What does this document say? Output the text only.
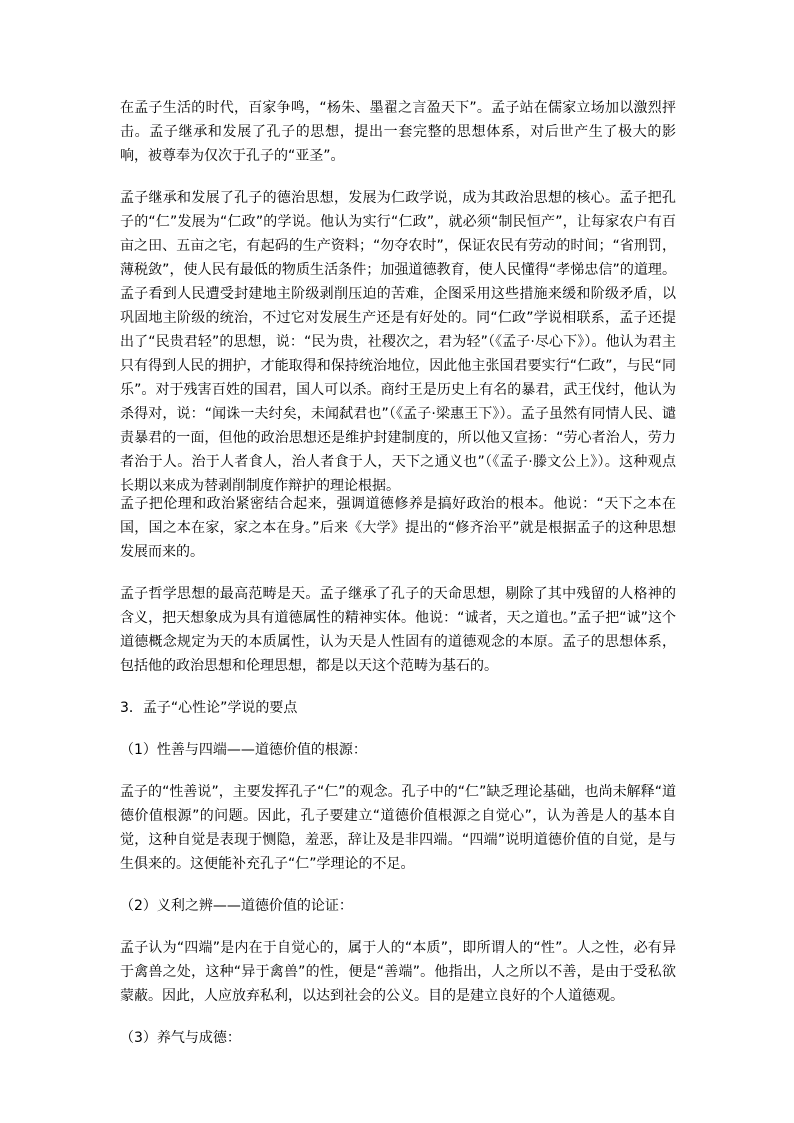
在孟子生活的时代，百家争鸣，“杨朱、墨翟之言盈天下”。孟子站在儒家立场加以激烈抨击。孟子继承和发展了孔子的思想，提出一套完整的思想体系，对后世产生了极大的影响，被尊奉为仅次于孔子的“亚圣”。

孟子继承和发展了孔子的德治思想，发展为仁政学说，成为其政治思想的核心。孟子把孔子的“仁”发展为“仁政”的学说。他认为实行“仁政”，就必须“制民恒产”，让每家农户有百亩之田、五亩之宅，有起码的生产资料；“勿夺农时”，保证农民有劳动的时间；“省刑罚，薄税敛”，使人民有最低的物质生活条件；加强道德教育，使人民懂得“孝悌忠信”的道理。孟子看到人民遭受封建地主阶级剥削压迫的苦难，企图采用这些措施来缓和阶级矛盾，以巩固地主阶级的统治，不过它对发展生产还是有好处的。同“仁政”学说相联系，孟子还提出了“民贵君轻”的思想，说：“民为贵，社稷次之，君为轻”（《孟子·尽心下》）。他认为君主只有得到人民的拥护，才能取得和保持统治地位，因此他主张国君要实行“仁政”，与民“同乐”。对于残害百姓的国君，国人可以杀。商纣王是历史上有名的暴君，武王伐纣，他认为杀得对，说：“闻诛一夫纣矣，未闻弑君也”（《孟子·梁惠王下》）。孟子虽然有同情人民、谴责暴君的一面，但他的政治思想还是维护封建制度的，所以他又宣扬：“劳心者治人，劳力者治于人。治于人者食人，治人者食于人，天下之通义也”（《孟子·滕文公上》）。这种观点长期以来成为替剥削制度作辩护的理论根据。

孟子把伦理和政治紧密结合起来，强调道德修养是搞好政治的根本。他说：“天下之本在国，国之本在家，家之本在身。”后来《大学》提出的“修齐治平”就是根据孟子的这种思想发展而来的。

孟子哲学思想的最高范畴是天。孟子继承了孔子的天命思想，剔除了其中残留的人格神的含义，把天想象成为具有道德属性的精神实体。他说：“诚者，天之道也。”孟子把“诚”这个道德概念规定为天的本质属性，认为天是人性固有的道德观念的本原。孟子的思想体系，包括他的政治思想和伦理思想，都是以天这个范畴为基石的。

3．孟子“心性论”学说的要点

（1）性善与四端——道德价值的根源：

孟子的“性善说”，主要发挥孔子“仁”的观念。孔子中的“仁”缺乏理论基础，也尚未解释“道德价值根源”的问题。因此，孔子要建立“道德价值根源之自觉心”，认为善是人的基本自觉，这种自觉是表现于恻隐，羞恶，辞让及是非四端。“四端”说明道德价值的自觉，是与生俱来的。这便能补充孔子“仁”学理论的不足。

（2）义利之辨——道德价值的论证：

孟子认为“四端”是内在于自觉心的，属于人的“本质”，即所谓人的“性”。人之性，必有异于禽兽之处，这种“异于禽兽”的性，便是“善端”。他指出，人之所以不善，是由于受私欲蒙蔽。因此，人应放弃私利，以达到社会的公义。目的是建立良好的个人道德观。

（3）养气与成德：
